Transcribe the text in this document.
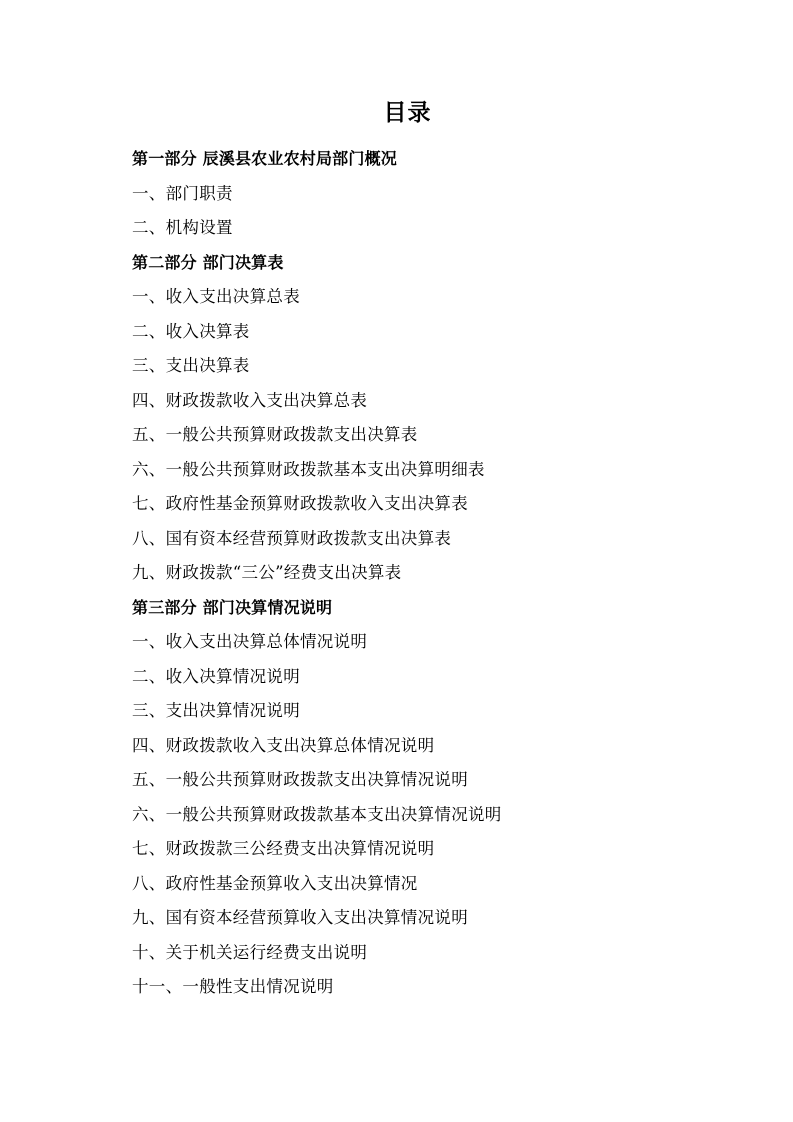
目录
第一部分 辰溪县农业农村局部门概况
一、部门职责
二、机构设置
第二部分 部门决算表
一、收入支出决算总表
二、收入决算表
三、支出决算表
四、财政拨款收入支出决算总表
五、一般公共预算财政拨款支出决算表
六、一般公共预算财政拨款基本支出决算明细表
七、政府性基金预算财政拨款收入支出决算表
八、国有资本经营预算财政拨款支出决算表
九、财政拨款“三公”经费支出决算表
第三部分 部门决算情况说明
一、收入支出决算总体情况说明
二、收入决算情况说明
三、支出决算情况说明
四、财政拨款收入支出决算总体情况说明
五、一般公共预算财政拨款支出决算情况说明
六、一般公共预算财政拨款基本支出决算情况说明
七、财政拨款三公经费支出决算情况说明
八、政府性基金预算收入支出决算情况
九、国有资本经营预算收入支出决算情况说明
十、关于机关运行经费支出说明
十一、一般性支出情况说明
